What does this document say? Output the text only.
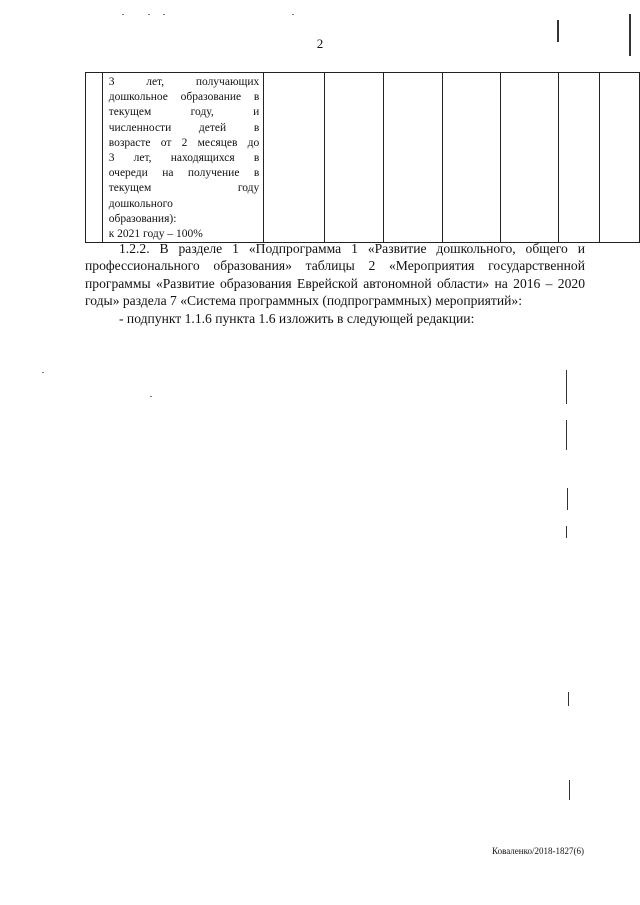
2

3 лет, получающих
дошкольное образование в
текущем году, и
численности детей в
возрасте от 2 месяцев до
3 лет, находящихся в
очереди на получение в
текущем году
дошкольного
образования):
к 2021 году – 100%

1.2.2. В разделе 1 «Подпрограмма 1 «Развитие дошкольного, общего и профессионального образования» таблицы 2 «Мероприятия государственной программы «Развитие образования Еврейской автономной области» на 2016 – 2020 годы» раздела 7 «Система программных (подпрограммных) мероприятий»:

- подпункт 1.1.6 пункта 1.6 изложить в следующей редакции:

Коваленко/2018-1827(6)
